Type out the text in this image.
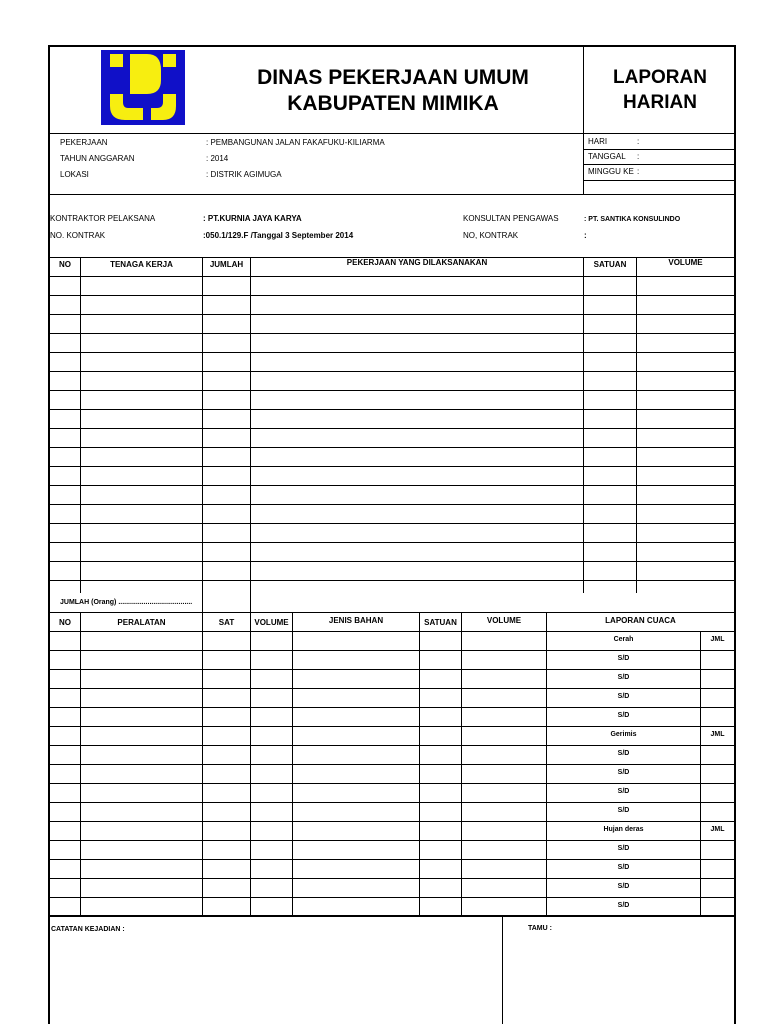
DINAS PEKERJAAN UMUM
KABUPATEN MIMIKA
LAPORAN
HARIAN
PEKERJAAN	: PEMBANGUNAN JALAN FAKAFUKU-KILIARMA
TAHUN ANGGARAN	: 2014
LOKASI	: DISTRIK AGIMUGA
HARI	:
TANGGAL :
MINGGU KE :
KONTRAKTOR PELAKSANA	: PT.KURNIA JAYA KARYA
NO. KONTRAK	:050.1/129.F /Tanggal 3 September 2014
KONSULTAN PENGAWAS	: PT. SANTIKA KONSULINDO
NO, KONTRAK	:
NO	TENAGA KERJA	JUMLAH	PEKERJAAN YANG DILAKSANAKAN	SATUAN	VOLUME
JUMLAH (Orang) ......................................
NO	PERALATAN	SAT	VOLUME	JENIS BAHAN	SATUAN	VOLUME	LAPORAN CUACA
Cerah	JML
S/D
S/D
S/D
S/D
Gerimis	JML
S/D
S/D
S/D
S/D
Hujan deras	JML
S/D
S/D
S/D
S/D
CATATAN KEJADIAN :	TAMU :
